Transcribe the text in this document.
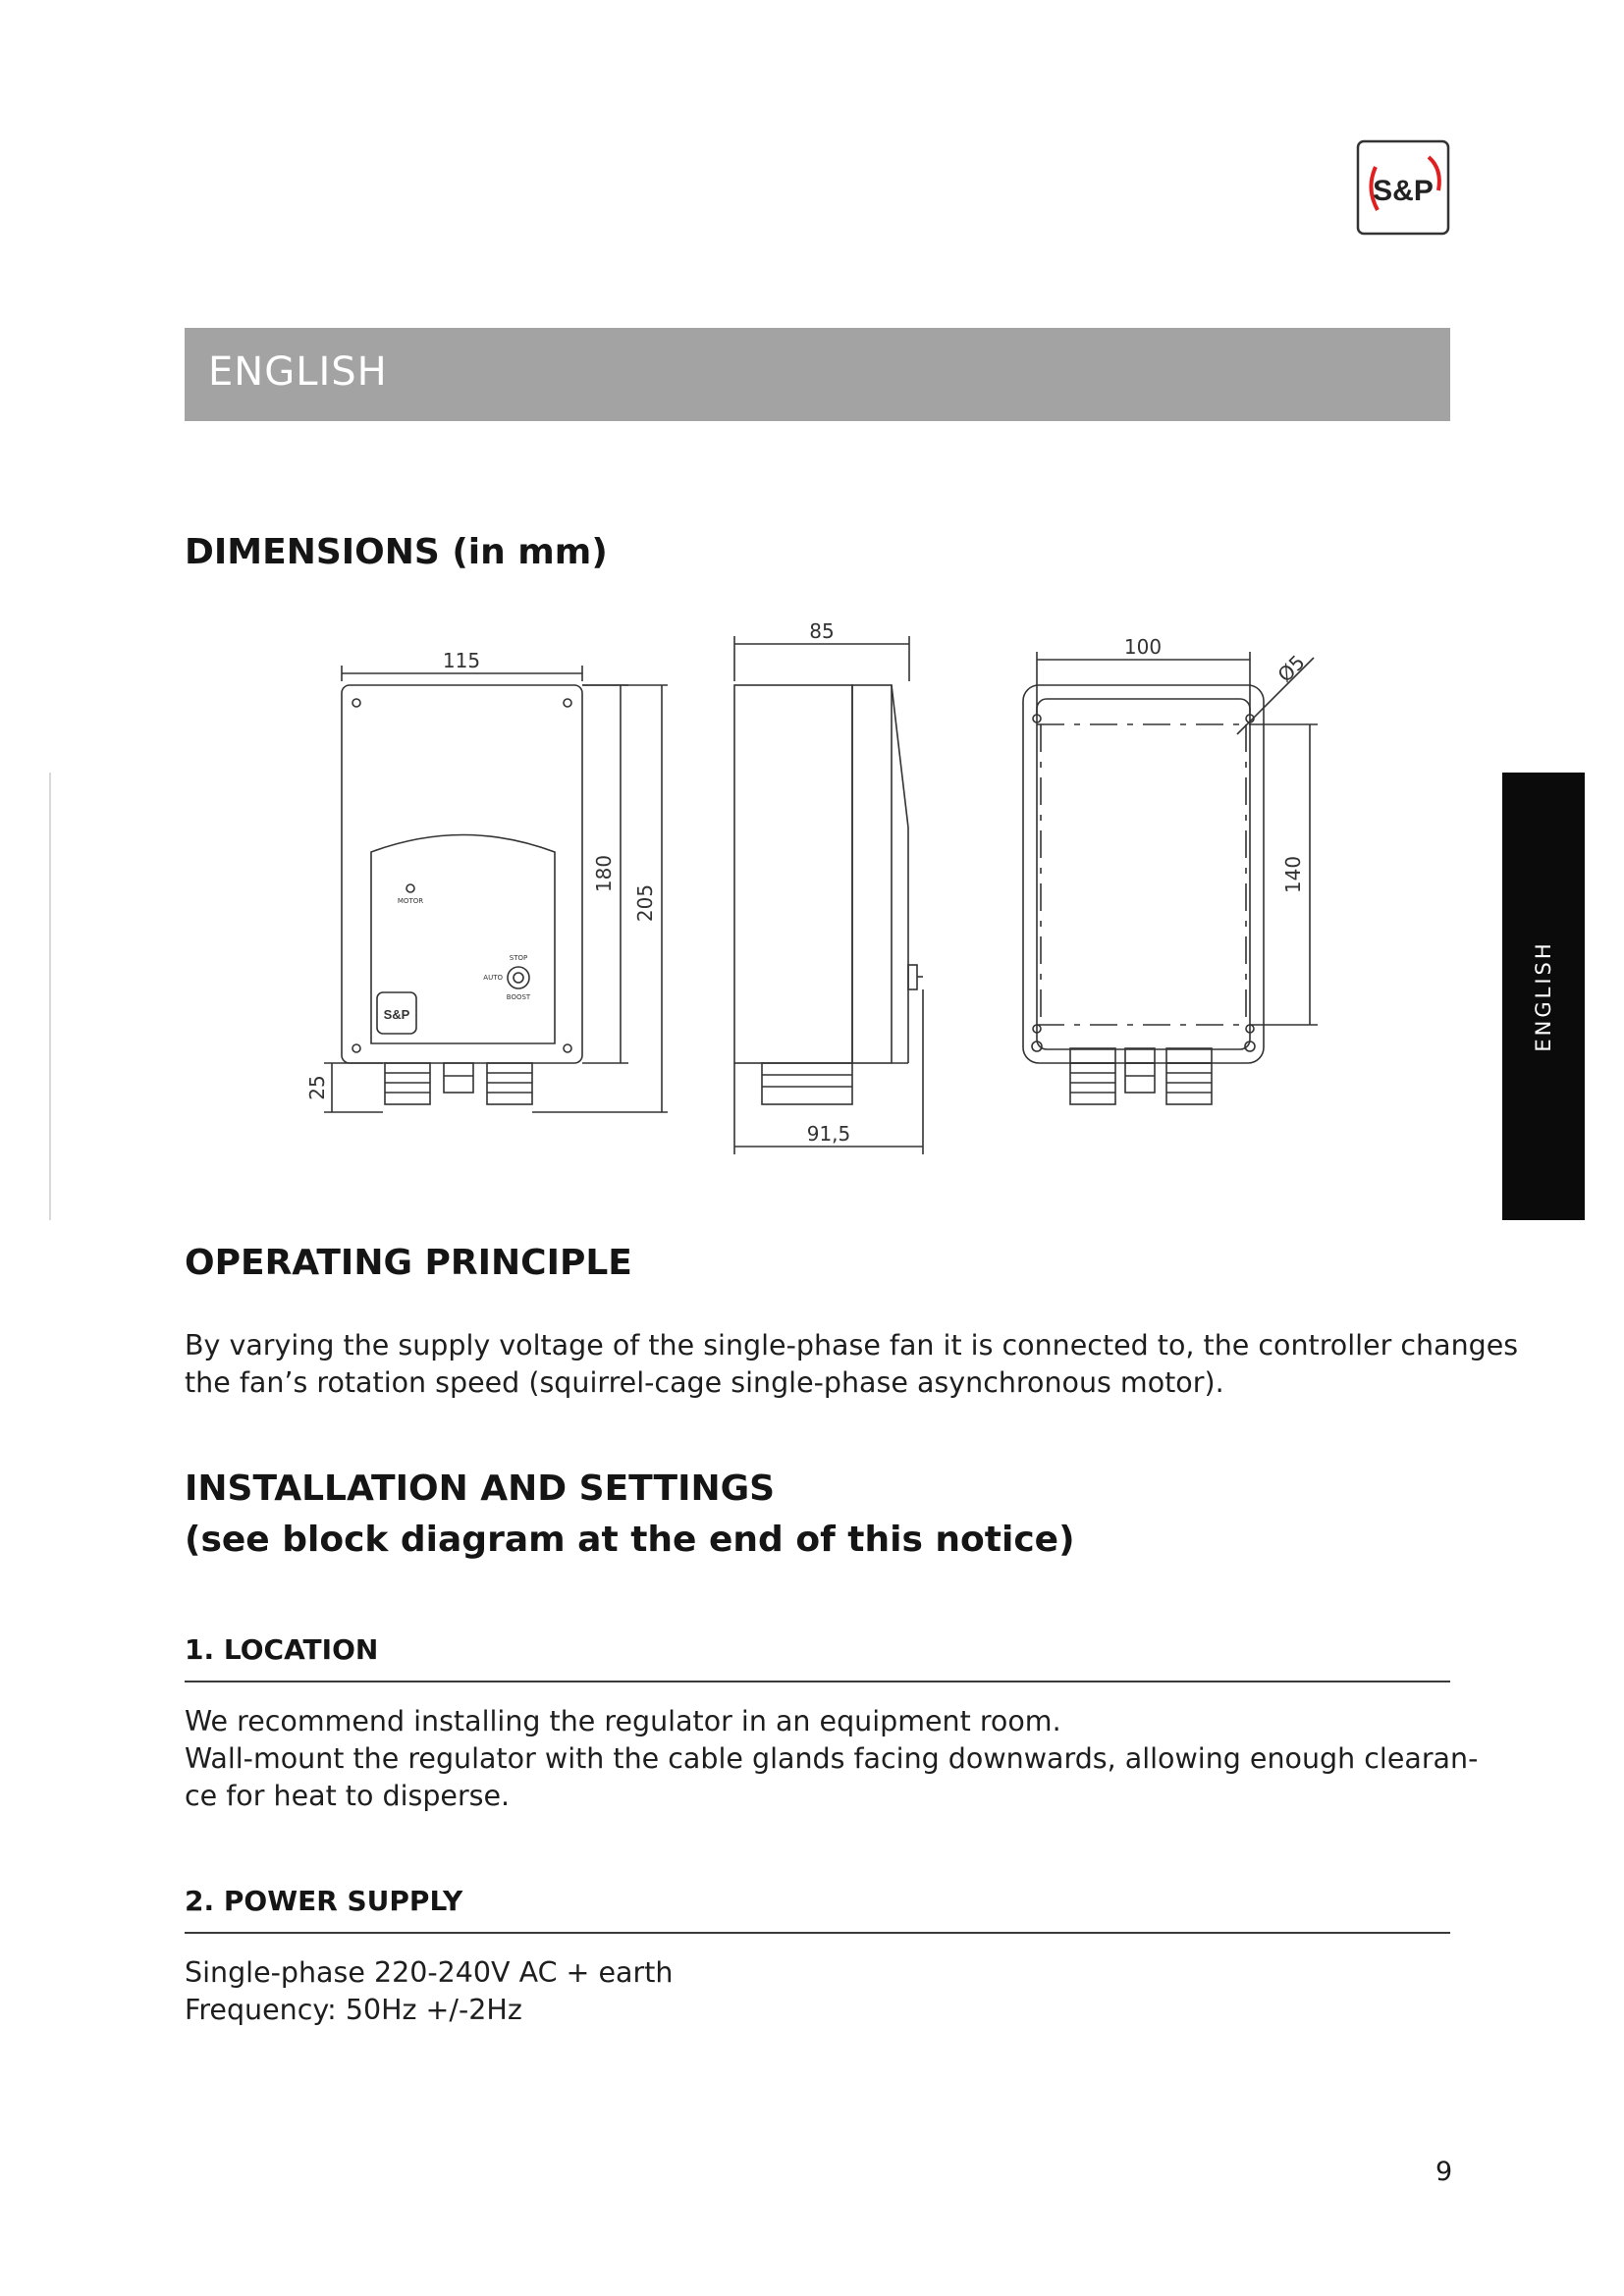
S&P
ENGLISH
ENGLISH
DIMENSIONS (in mm)
115
180
205
25
85
91,5
100
140
Ø5
MOTOR
STOP
AUTO
BOOST
S&P
OPERATING PRINCIPLE
By varying the supply voltage of the single-phase fan it is connected to, the controller changes
the fan’s rotation speed (squirrel-cage single-phase asynchronous motor).
INSTALLATION AND SETTINGS
(see block diagram at the end of this notice)
1. LOCATION
We recommend installing the regulator in an equipment room.
Wall-mount the regulator with the cable glands facing downwards, allowing enough clearan-
ce for heat to disperse.
2. POWER SUPPLY
Single-phase 220-240V AC + earth
Frequency: 50Hz +/-2Hz
9
